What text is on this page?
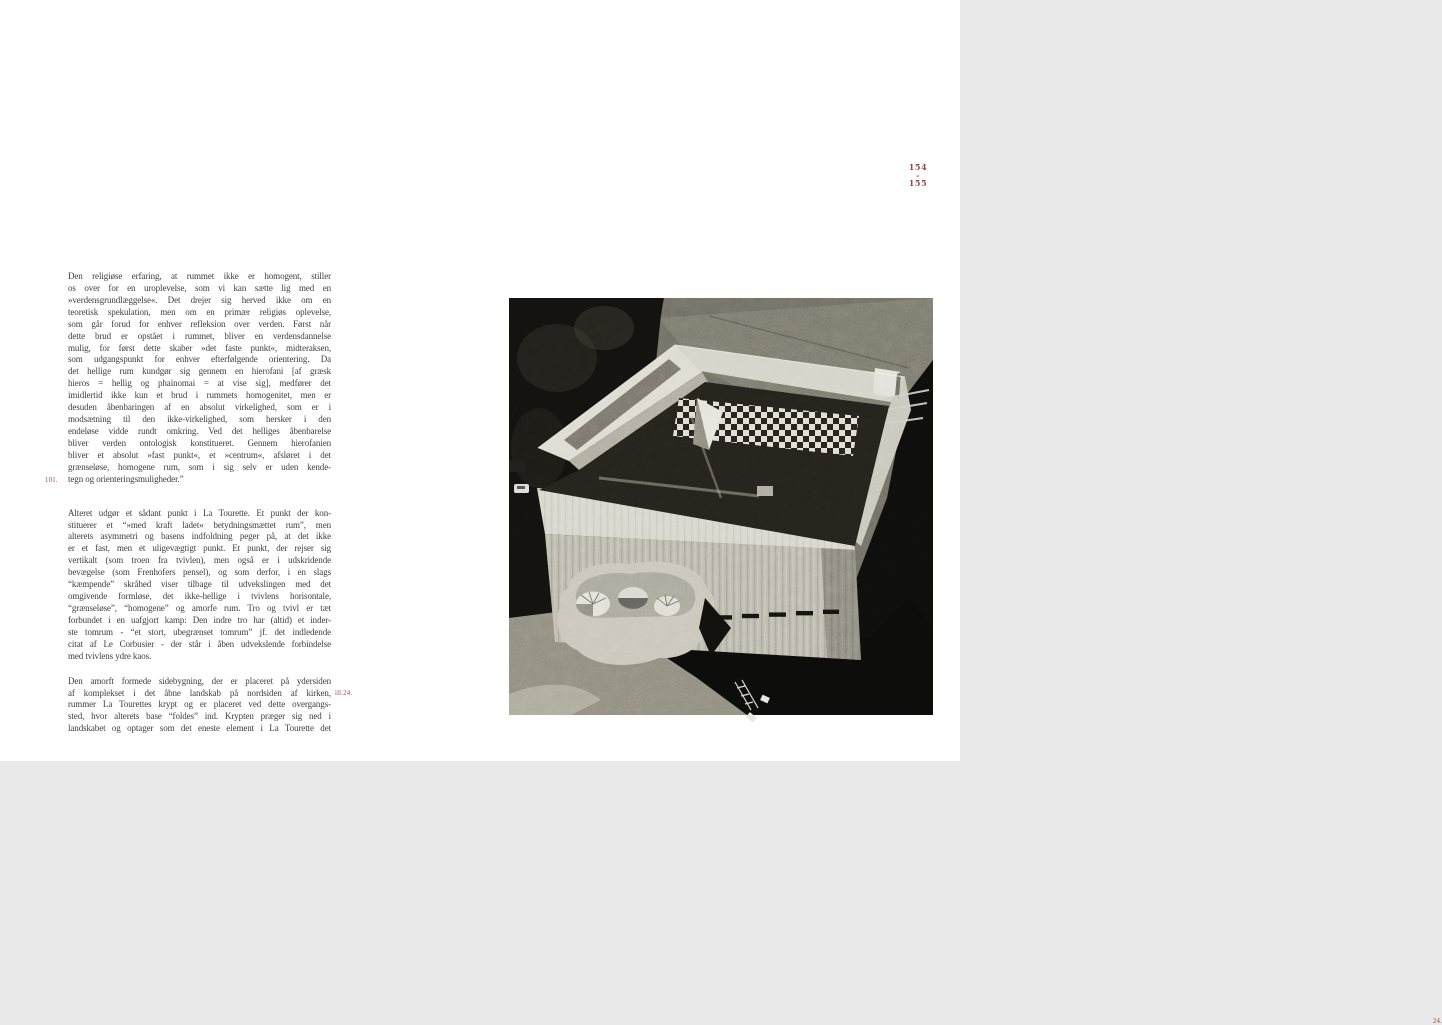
154
–
155
Den religiøse erfaring, at rummet ikke er homogent, stiller
os over for en uroplevelse, som vi kan sætte lig med en
»verdensgrundlæggelse«. Det drejer sig herved ikke om en
teoretisk spekulation, men om en primær religiøs oplevelse,
som går forud for enhver refleksion over verden. Først når
dette brud er opstået i rummet, bliver en verdensdannelse
mulig, for først dette skaber »det faste punkt«, midteraksen,
som udgangspunkt for enhver efterfølgende orientering. Da
det hellige rum kundgør sig gennem en hierofani [af græsk
hieros = hellig og phainomai = at vise sig], medfører det
imidlertid ikke kun et brud i rummets homogenitet, men er
desuden åbenbaringen af en absolut virkelighed, som er i
modsætning til den ikke-virkelighed, som hersker i den
endeløse vidde rundt omkring. Ved det helliges åbenbarelse
bliver verden ontologisk konstitueret. Gennem hierofanien
bliver et absolut »fast punkt«, et »centrum«, afsløret i det
grænseløse, homogene rum, som i sig selv er uden kende-
tegn og orienteringsmuligheder.”
Alteret udgør et sådant punkt i La Tourette. Et punkt der kon-
stituerer et “»med kraft ladet« betydningsmættet rum”, men
alterets asymmetri og basens indfoldning peger på, at det ikke
er et fast, men et uligevægtigt punkt. Et punkt, der rejser sig
vertikalt (som troen fra tvivlen), men også er i udskridende
bevægelse (som Frenhofers pensel), og som derfor, i en slags
“kæmpende” skråhed viser tilbage til udvekslingen med det
omgivende formløse, det ikke-hellige i tvivlens horisontale,
“grænseløse”, “homogene” og amorfe rum. Tro og tvivl er tæt
forbundet i en uafgjort kamp: Den indre tro har (altid) et inder-
ste tomrum - “et stort, ubegrænset tomrum” jf. det indledende
citat af Le Corbusier - der står i åben udvekslende forbindelse
med tvivlens ydre kaos.
Den amorft formede sidebygning, der er placeret på ydersiden
af komplekset i det åbne landskab på nordsiden af kirken,
rummer La Tourettes krypt og er placeret ved dette overgangs-
sted, hvor alterets base “foldes” ind. Krypten præger sig ned i
landskabet og optager som det eneste element i La Tourette det
101.
ill.24.
24.
